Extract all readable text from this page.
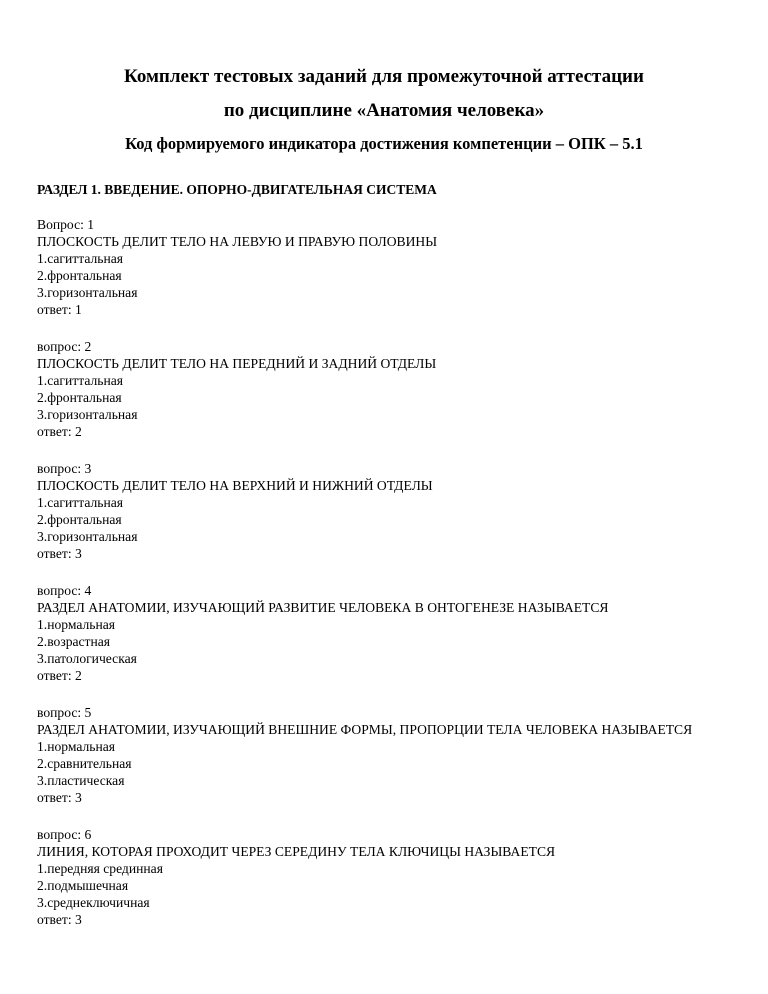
Комплект тестовых заданий для промежуточной аттестации
по дисциплине «Анатомия человека»
Код формируемого индикатора достижения компетенции – ОПК – 5.1
РАЗДЕЛ 1. ВВЕДЕНИЕ. ОПОРНО-ДВИГАТЕЛЬНАЯ СИСТЕМА
Вопрос: 1
ПЛОСКОСТЬ ДЕЛИТ ТЕЛО НА ЛЕВУЮ И ПРАВУЮ ПОЛОВИНЫ
1.сагиттальная
2.фронтальная
3.горизонтальная
ответ: 1
вопрос: 2
ПЛОСКОСТЬ ДЕЛИТ ТЕЛО НА ПЕРЕДНИЙ И ЗАДНИЙ ОТДЕЛЫ
1.сагиттальная
2.фронтальная
3.горизонтальная
ответ: 2
вопрос: 3
ПЛОСКОСТЬ ДЕЛИТ ТЕЛО НА ВЕРХНИЙ И НИЖНИЙ ОТДЕЛЫ
1.сагиттальная
2.фронтальная
3.горизонтальная
ответ: 3
вопрос: 4
РАЗДЕЛ АНАТОМИИ, ИЗУЧАЮЩИЙ РАЗВИТИЕ ЧЕЛОВЕКА В ОНТОГЕНЕЗЕ НАЗЫВАЕТСЯ
1.нормальная
2.возрастная
3.патологическая
ответ: 2
вопрос: 5
РАЗДЕЛ АНАТОМИИ, ИЗУЧАЮЩИЙ ВНЕШНИЕ ФОРМЫ, ПРОПОРЦИИ ТЕЛА ЧЕЛОВЕКА НАЗЫВАЕТСЯ
1.нормальная
2.сравнительная
3.пластическая
ответ: 3
вопрос: 6
ЛИНИЯ, КОТОРАЯ ПРОХОДИТ ЧЕРЕЗ СЕРЕДИНУ ТЕЛА КЛЮЧИЦЫ НАЗЫВАЕТСЯ
1.передняя срединная
2.подмышечная
3.среднеключичная
ответ: 3
